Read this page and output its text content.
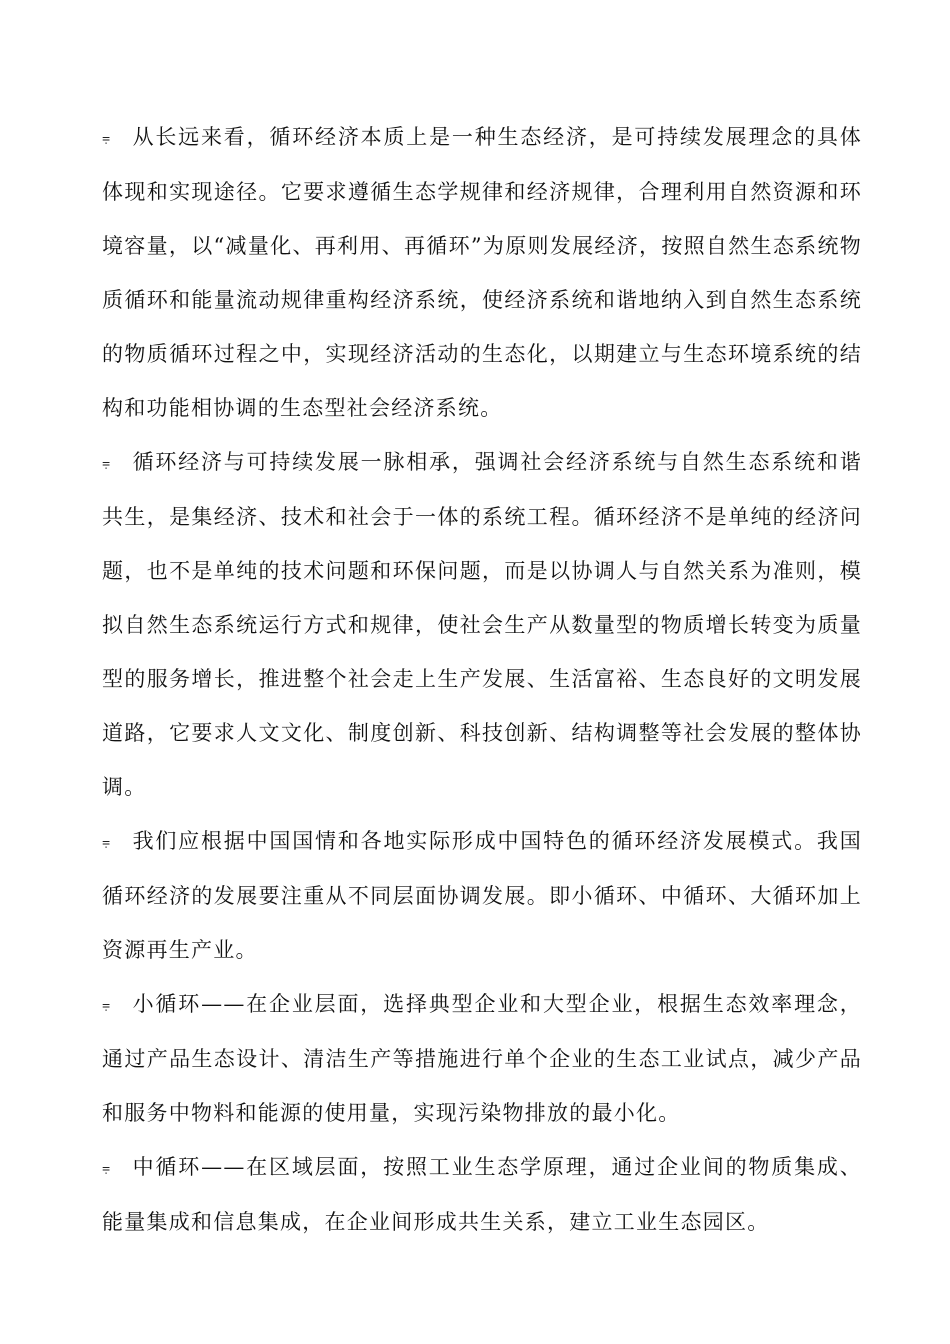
⩦ 从长远来看，循环经济本质上是一种生态经济，是可持续发展理念的具体体现和实现途径。它要求遵循生态学规律和经济规律，合理利用自然资源和环境容量，以“减量化、再利用、再循环”为原则发展经济，按照自然生态系统物质循环和能量流动规律重构经济系统，使经济系统和谐地纳入到自然生态系统的物质循环过程之中，实现经济活动的生态化，以期建立与生态环境系统的结构和功能相协调的生态型社会经济系统。

⩦ 循环经济与可持续发展一脉相承，强调社会经济系统与自然生态系统和谐共生，是集经济、技术和社会于一体的系统工程。循环经济不是单纯的经济问题，也不是单纯的技术问题和环保问题，而是以协调人与自然关系为准则，模拟自然生态系统运行方式和规律，使社会生产从数量型的物质增长转变为质量型的服务增长，推进整个社会走上生产发展、生活富裕、生态良好的文明发展道路，它要求人文文化、制度创新、科技创新、结构调整等社会发展的整体协调。

⩦ 我们应根据中国国情和各地实际形成中国特色的循环经济发展模式。我国循环经济的发展要注重从不同层面协调发展。即小循环、中循环、大循环加上资源再生产业。

⩦ 小循环——在企业层面，选择典型企业和大型企业，根据生态效率理念，通过产品生态设计、清洁生产等措施进行单个企业的生态工业试点，减少产品和服务中物料和能源的使用量，实现污染物排放的最小化。

⩦ 中循环——在区域层面，按照工业生态学原理，通过企业间的物质集成、能量集成和信息集成，在企业间形成共生关系，建立工业生态园区。
